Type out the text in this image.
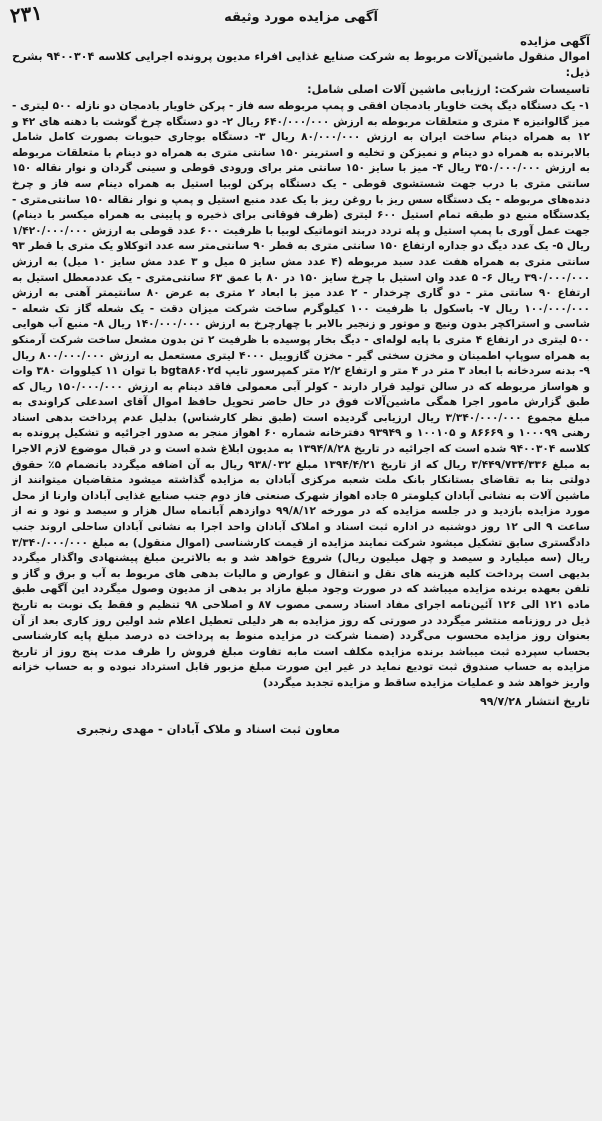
۲۳۱	آگهی مزایده مورد وثیقه
آگهی مزایده
اموال منقول ماشین‌آلات مربوط به شرکت صنایع غذایی افراء مدیون پرونده اجرایی کلاسه ۹۴۰۰۳۰۴ بشرح ذیل:
تاسیسات شرکت: ارزیابی ماشین آلات اصلی شامل:
۱- یک دستگاه دیگ پخت خاویار بادمجان افقی و پمپ مربوطه سه فاز - پرکن خاویار بادمجان دو نازله ۵۰۰ لیتری - میز گالوانیزه ۴ متری و متعلقات مربوطه به ارزش ۶۴۰/۰۰۰/۰۰۰ ریال ۲- دو دستگاه چرخ گوشت با دهنه های ۴۲ و ۱۲ به همراه دینام ساخت ایران به ارزش ۸۰/۰۰۰/۰۰۰ ریال ۳- دستگاه بوجاری حبوبات بصورت کامل شامل بالابرنده به همراه دو دینام و نمیزکن و تخلیه و استرینر ۱۵۰ سانتی متری به همراه دو دینام با متعلقات مربوطه به ارزش ۳۵۰/۰۰۰/۰۰۰ ریال ۴- میز با سایز ۱۵۰ سانتی متر برای ورودی قوطی و سینی گردان و نوار نقاله ۱۵۰ سانتی متری با درب جهت شستشوی قوطی - یک دستگاه پرکن لوبیا استیل به همراه دینام سه فاز و چرخ دنده‌های مربوطه - یک دستگاه سس ریز با روغن ریز با یک عدد منبع استیل و پمپ و نوار نقاله ۱۵۰ سانتی‌متری - یکدستگاه منبع دو طبقه تمام استیل ۶۰۰ لیتری (ظرف فوقانی برای ذخیره و پایینی به همراه میکسر با دینام) جهت عمل آوری با پمپ استیل و پله تردد دربند اتوماتیک لوبیا با ظرفیت ۶۰۰ عدد قوطی به ارزش ۱/۴۲۰/۰۰۰/۰۰۰ ریال ۵- یک عدد دیگ دو جداره ارتفاع ۱۵۰ سانتی متری به قطر ۹۰ سانتی‌متر سه عدد اتوکلاو یک متری با قطر ۹۳ سانتی متری به همراه هفت عدد سبد مربوطه (۴ عدد مش سایز ۵ میل و ۳ عدد مش سایز ۱۰ میل) به ارزش ۳۹۰/۰۰۰/۰۰۰ ریال ۶- ۵ عدد وان استیل با چرخ سایز ۱۵۰ در ۸۰ با عمق ۶۳ سانتی‌متری - یک عددمعطل استیل به ارتفاع ۹۰ سانتی متر - دو گاری چرخدار - ۲ عدد میز با ابعاد ۲ متری به عرض ۸۰ سانتیمتر آهنی به ارزش ۱۰۰/۰۰۰/۰۰۰ ریال ۷- باسکول با ظرفیت ۱۰۰ کیلوگرم ساخت شرکت میزان دقت - یک شعله گاز تک شعله - شاسی و استراکچر بدون ونیچ و موتور و زنجیر بالابر با چهارچرخ به ارزش ۱۴۰/۰۰۰/۰۰۰ ریال ۸- منبع آب هوایی ۵۰۰ لیتری در ارتفاع ۴ متری با پایه لوله‌ای - دیگ بخار پوسیده با ظرفیت ۲ تن بدون مشعل ساخت شرکت آرمنکو به همراه سوپاپ اطمینان و مخزن سختی گیر - مخزن گازوییل ۴۰۰۰ لیتری مستعمل به ارزش ۸۰۰/۰۰۰/۰۰۰ ریال ۹- بدنه سردخانه با ابعاد ۳ متر در ۴ متر و ارتفاع ۲/۲ متر کمپرسور تایپ bgta۸۶۰۲d با توان ۱۱ کیلووات ۳۸۰ وات و هواساز مربوطه که در سالن تولید قرار دارند - کولر آبی معمولی فاقد دینام به ارزش ۱۵۰/۰۰۰/۰۰۰ ریال که طبق گزارش مامور اجرا همگی ماشین‌آلات فوق در حال حاضر تحویل حافظ اموال آقای اسدعلی کراوندی به مبلغ مجموع ۳/۳۴۰/۰۰۰/۰۰۰ ریال ارزیابی گردیده است (طبق نظر کارشناس) بدلیل عدم پرداخت بدهی اسناد رهنی ۱۰۰۰۹۹ و ۸۶۶۶۹ و ۱۰۰۱۰۵ و ۹۳۹۴۹ دفترخانه شماره ۶۰ اهواز منجر به صدور اجرائیه و تشکیل پرونده به کلاسه ۹۴۰۰۳۰۴ شده است که اجرائیه در تاریخ ۱۳۹۴/۸/۲۸ به مدیون ابلاغ شده است و در قبال موضوع لازم الاجرا به مبلغ ۳/۴۴۹/۷۳۴/۳۳۶ ریال که از تاریخ ۱۳۹۴/۴/۲۱ مبلغ ۹۳۸/۰۳۲ ریال به آن اضافه میگردد بانضمام ۵٪ حقوق دولتی بنا به تقاضای بستانکار بانک ملت شعبه مرکزی آبادان به مزایده گذاشته میشود متقاضیان میتوانند از ماشین آلات به نشانی آبادان کیلومتر ۵ جاده اهواز شهرک صنعتی فاز دوم جنب صنایع غذایی آبادان وارنا از محل مورد مزایده بازدید و در جلسه مزایده که در مورخه ۹۹/۸/۱۲ دوازدهم آبانماه سال هزار و سیصد و نود و نه از ساعت ۹ الی ۱۲ روز دوشنبه در اداره ثبت اسناد و املاک آبادان واحد اجرا به نشانی آبادان ساحلی اروند جنب دادگستری سابق تشکیل میشود شرکت نمایند مزایده از قیمت کارشناسی (اموال منقول) به مبلغ ۳/۳۴۰/۰۰۰/۰۰۰ ریال (سه میلیارد و سیصد و چهل میلیون ریال) شروع خواهد شد و به بالاترین مبلغ پیشنهادی واگذار میگردد بدیهی است پرداخت کلیه هزینه های نقل و انتقال و عوارض و مالیات بدهی های مربوط به آب و برق و گاز و تلفن بعهده برنده مزایده میباشد که در صورت وجود مبلغ مازاد بر بدهی از مدیون وصول میگردد این آگهی طبق ماده ۱۲۱ الی ۱۲۶ آئین‌نامه اجرای مفاد اسناد رسمی مصوب ۸۷ و اصلاحی ۹۸ تنظیم و فقط یک نوبت به تاریخ ذیل در روزنامه منتشر میگردد در صورتی که روز مزایده به هر دلیلی تعطیل اعلام شد اولین روز کاری بعد از آن بعنوان روز مزایده محسوب می‌گردد (ضمنا شرکت در مزایده منوط به پرداخت ده درصد مبلغ پایه کارشناسی بحساب سپرده ثبت میباشد برنده مزایده مکلف است مابه تفاوت مبلغ فروش را ظرف مدت پنج روز از تاریخ مزایده به حساب صندوق ثبت تودیع نماید در غیر این صورت مبلغ مزبور قابل استرداد نبوده و به حساب خزانه واریز خواهد شد و عملیات مزایده ساقط و مزایده تجدید میگردد)
تاریخ انتشار ۹۹/۷/۲۸
معاون ثبت اسناد و ملاک آبادان - مهدی رنجبری
